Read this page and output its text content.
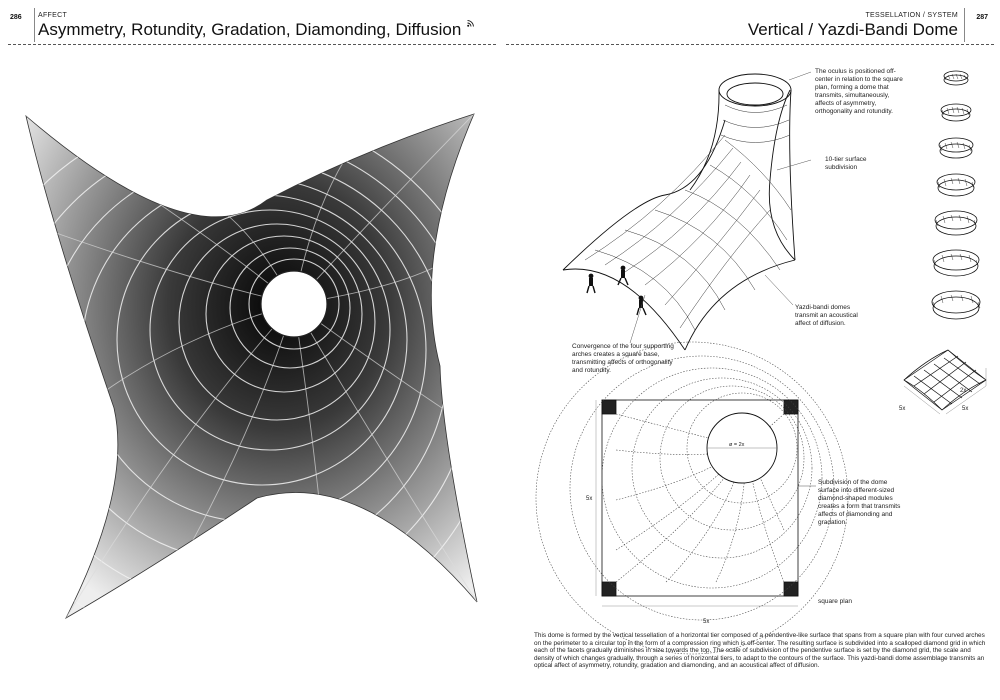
286 AFFECT
Asymmetry, Rotundity, Gradation, Diamonding, Diffusion
TESSELLATION / SYSTEM	287
Vertical / Yazdi-Bandi Dome
The oculus is positioned off-center in relation to the square plan, forming a dome that transmits, simultaneously, affects of asymmetry, orthogonality and rotundity.
10-tier surface subdivision
Yazdi-bandi domes transmit an acoustical affect of diffusion.
Convergence of the four supporting arches creates a square base, transmitting affects of orthogonality and rotundity.
5x	5x
2x
ø = 2x
5x
5x
Subdivision of the dome surface into different-sized diamond-shaped modules creates a form that transmits affects of diamonding and gradation.
square plan
This dome is formed by the vertical tessellation of a horizontal tier composed of a pendentive-like surface that spans from a square plan with four curved arches on the perimeter to a circular top in the form of a compression ring which is off-center. The resulting surface is subdivided into a scalloped diamond grid in which each of the facets gradually diminishes in size towards the top. The scale of subdivision of the pendentive surface is set by the diamond grid, the scale and density of which changes gradually, through a series of horizontal tiers, to adapt to the contours of the surface. This yazdi-bandi dome assemblage transmits an optical affect of asymmetry, rotundity, gradation and diamonding, and an acoustical affect of diffusion.
